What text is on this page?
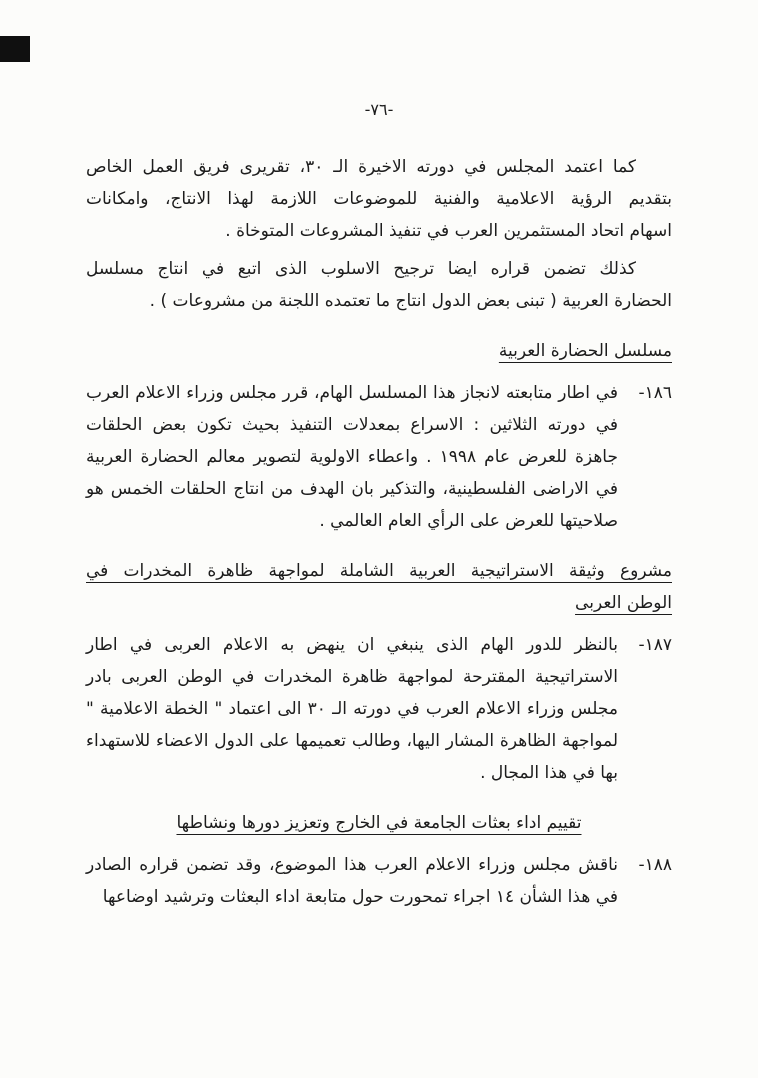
-٧٦-
كما اعتمد المجلس في دورته الاخيرة الـ ٣٠، تقريرى فريق العمل الخاص
بتقديم الرؤية الاعلامية والفنية للموضوعات اللازمة لهذا الانتاج، وامكانات
اسهام اتحاد المستثمرين العرب في تنفيذ المشروعات المتوخاة .
كذلك تضمن قراره ايضا ترجيح الاسلوب الذى اتبع في انتاج مسلسل
الحضارة العربية ( تبنى بعض الدول انتاج ما تعتمده اللجنة من مشروعات ) .
مسلسل الحضارة العربية
١٨٦-
في اطار متابعته لانجاز هذا المسلسل الهام، قرر مجلس وزراء الاعلام العرب
في دورته الثلاثين : الاسراع بمعدلات التنفيذ بحيث تكون بعض الحلقات
جاهزة للعرض عام ١٩٩٨ . واعطاء الاولوية لتصوير معالم الحضارة العربية
في الاراضى الفلسطينية، والتذكير بان الهدف من انتاج الحلقات الخمس هو
صلاحيتها للعرض على الرأي العام العالمي .
مشروع وثيقة الاستراتيجية العربية الشاملة لمواجهة ظاهرة المخدرات في
الوطن العربى
١٨٧-
بالنظر للدور الهام الذى ينبغي ان ينهض به الاعلام العربى في اطار
الاستراتيجية المقترحة لمواجهة ظاهرة المخدرات في الوطن العربى بادر
مجلس وزراء الاعلام العرب في دورته الـ ٣٠ الى اعتماد " الخطة الاعلامية "
لمواجهة الظاهرة المشار اليها، وطالب تعميمها على الدول الاعضاء للاستهداء
بها في هذا المجال .
تقييم اداء بعثات الجامعة في الخارج وتعزيز دورها ونشاطها
١٨٨-
ناقش مجلس وزراء الاعلام العرب هذا الموضوع، وقد تضمن قراره الصادر
في هذا الشأن ١٤ اجراء تمحورت حول متابعة اداء البعثات وترشيد اوضاعها
